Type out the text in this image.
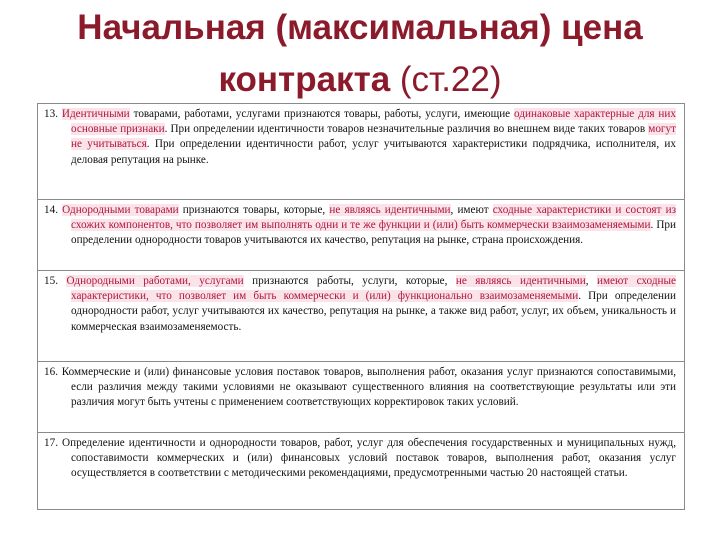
Начальная (максимальная) цена контракта (ст.22)
13. Идентичными товарами, работами, услугами признаются товары, работы, услуги, имеющие одинаковые характерные для них основные признаки. При определении идентичности товаров незначительные различия во внешнем виде таких товаров могут не учитываться. При определении идентичности работ, услуг учитываются характеристики подрядчика, исполнителя, их деловая репутация на рынке.
14. Однородными товарами признаются товары, которые, не являясь идентичными, имеют сходные характеристики и состоят из схожих компонентов, что позволяет им выполнять одни и те же функции и (или) быть коммерчески взаимозаменяемыми. При определении однородности товаров учитываются их качество, репутация на рынке, страна происхождения.
15. Однородными работами, услугами признаются работы, услуги, которые, не являясь идентичными, имеют сходные характеристики, что позволяет им быть коммерчески и (или) функционально взаимозаменяемыми. При определении однородности работ, услуг учитываются их качество, репутация на рынке, а также вид работ, услуг, их объем, уникальность и коммерческая взаимозаменяемость.
16. Коммерческие и (или) финансовые условия поставок товаров, выполнения работ, оказания услуг признаются сопоставимыми, если различия между такими условиями не оказывают существенного влияния на соответствующие результаты или эти различия могут быть учтены с применением соответствующих корректировок таких условий.
17. Определение идентичности и однородности товаров, работ, услуг для обеспечения государственных и муниципальных нужд, сопоставимости коммерческих и (или) финансовых условий поставок товаров, выполнения работ, оказания услуг осуществляется в соответствии с методическими рекомендациями, предусмотренными частью 20 настоящей статьи.
